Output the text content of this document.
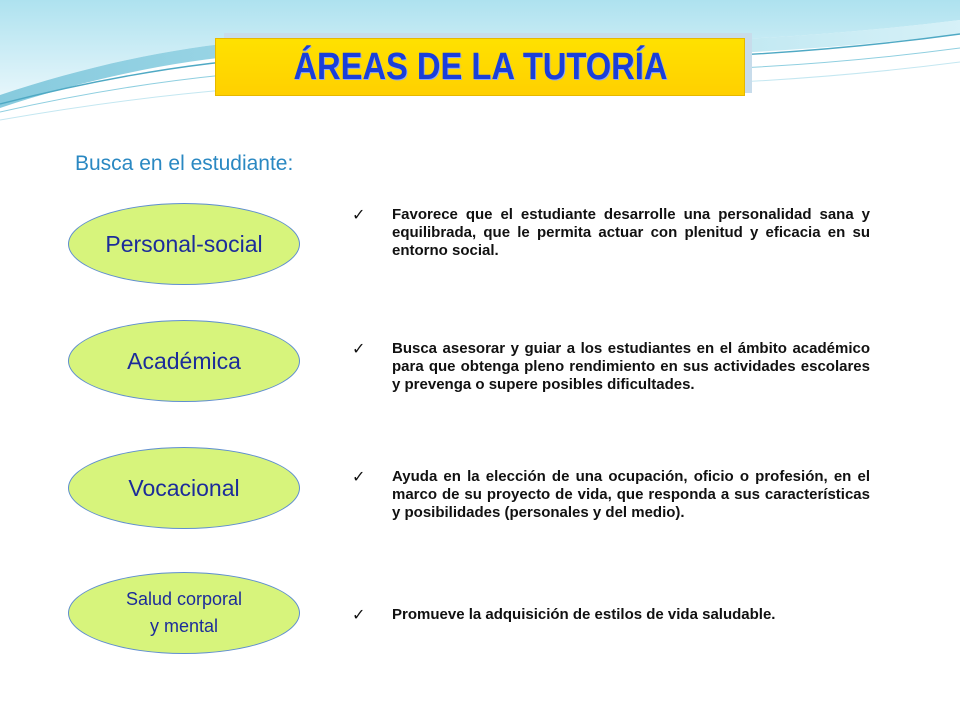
ÁREAS DE LA TUTORÍA
Busca en el estudiante:
Personal-social
✓ Favorece que el estudiante desarrolle una personalidad sana y equilibrada, que le permita actuar con plenitud y eficacia en su entorno social.
Académica	✓ Busca asesorar y guiar a los estudiantes en el ámbito académico para que obtenga pleno rendimiento en sus actividades escolares y prevenga o supere posibles dificultades.
Vocacional	✓ Ayuda en la elección de una ocupación, oficio o profesión, en el marco de su proyecto de vida, que responda a sus características y posibilidades (personales y del medio).
Salud corporal
y mental
✓ Promueve la adquisición de estilos de vida saludable.
